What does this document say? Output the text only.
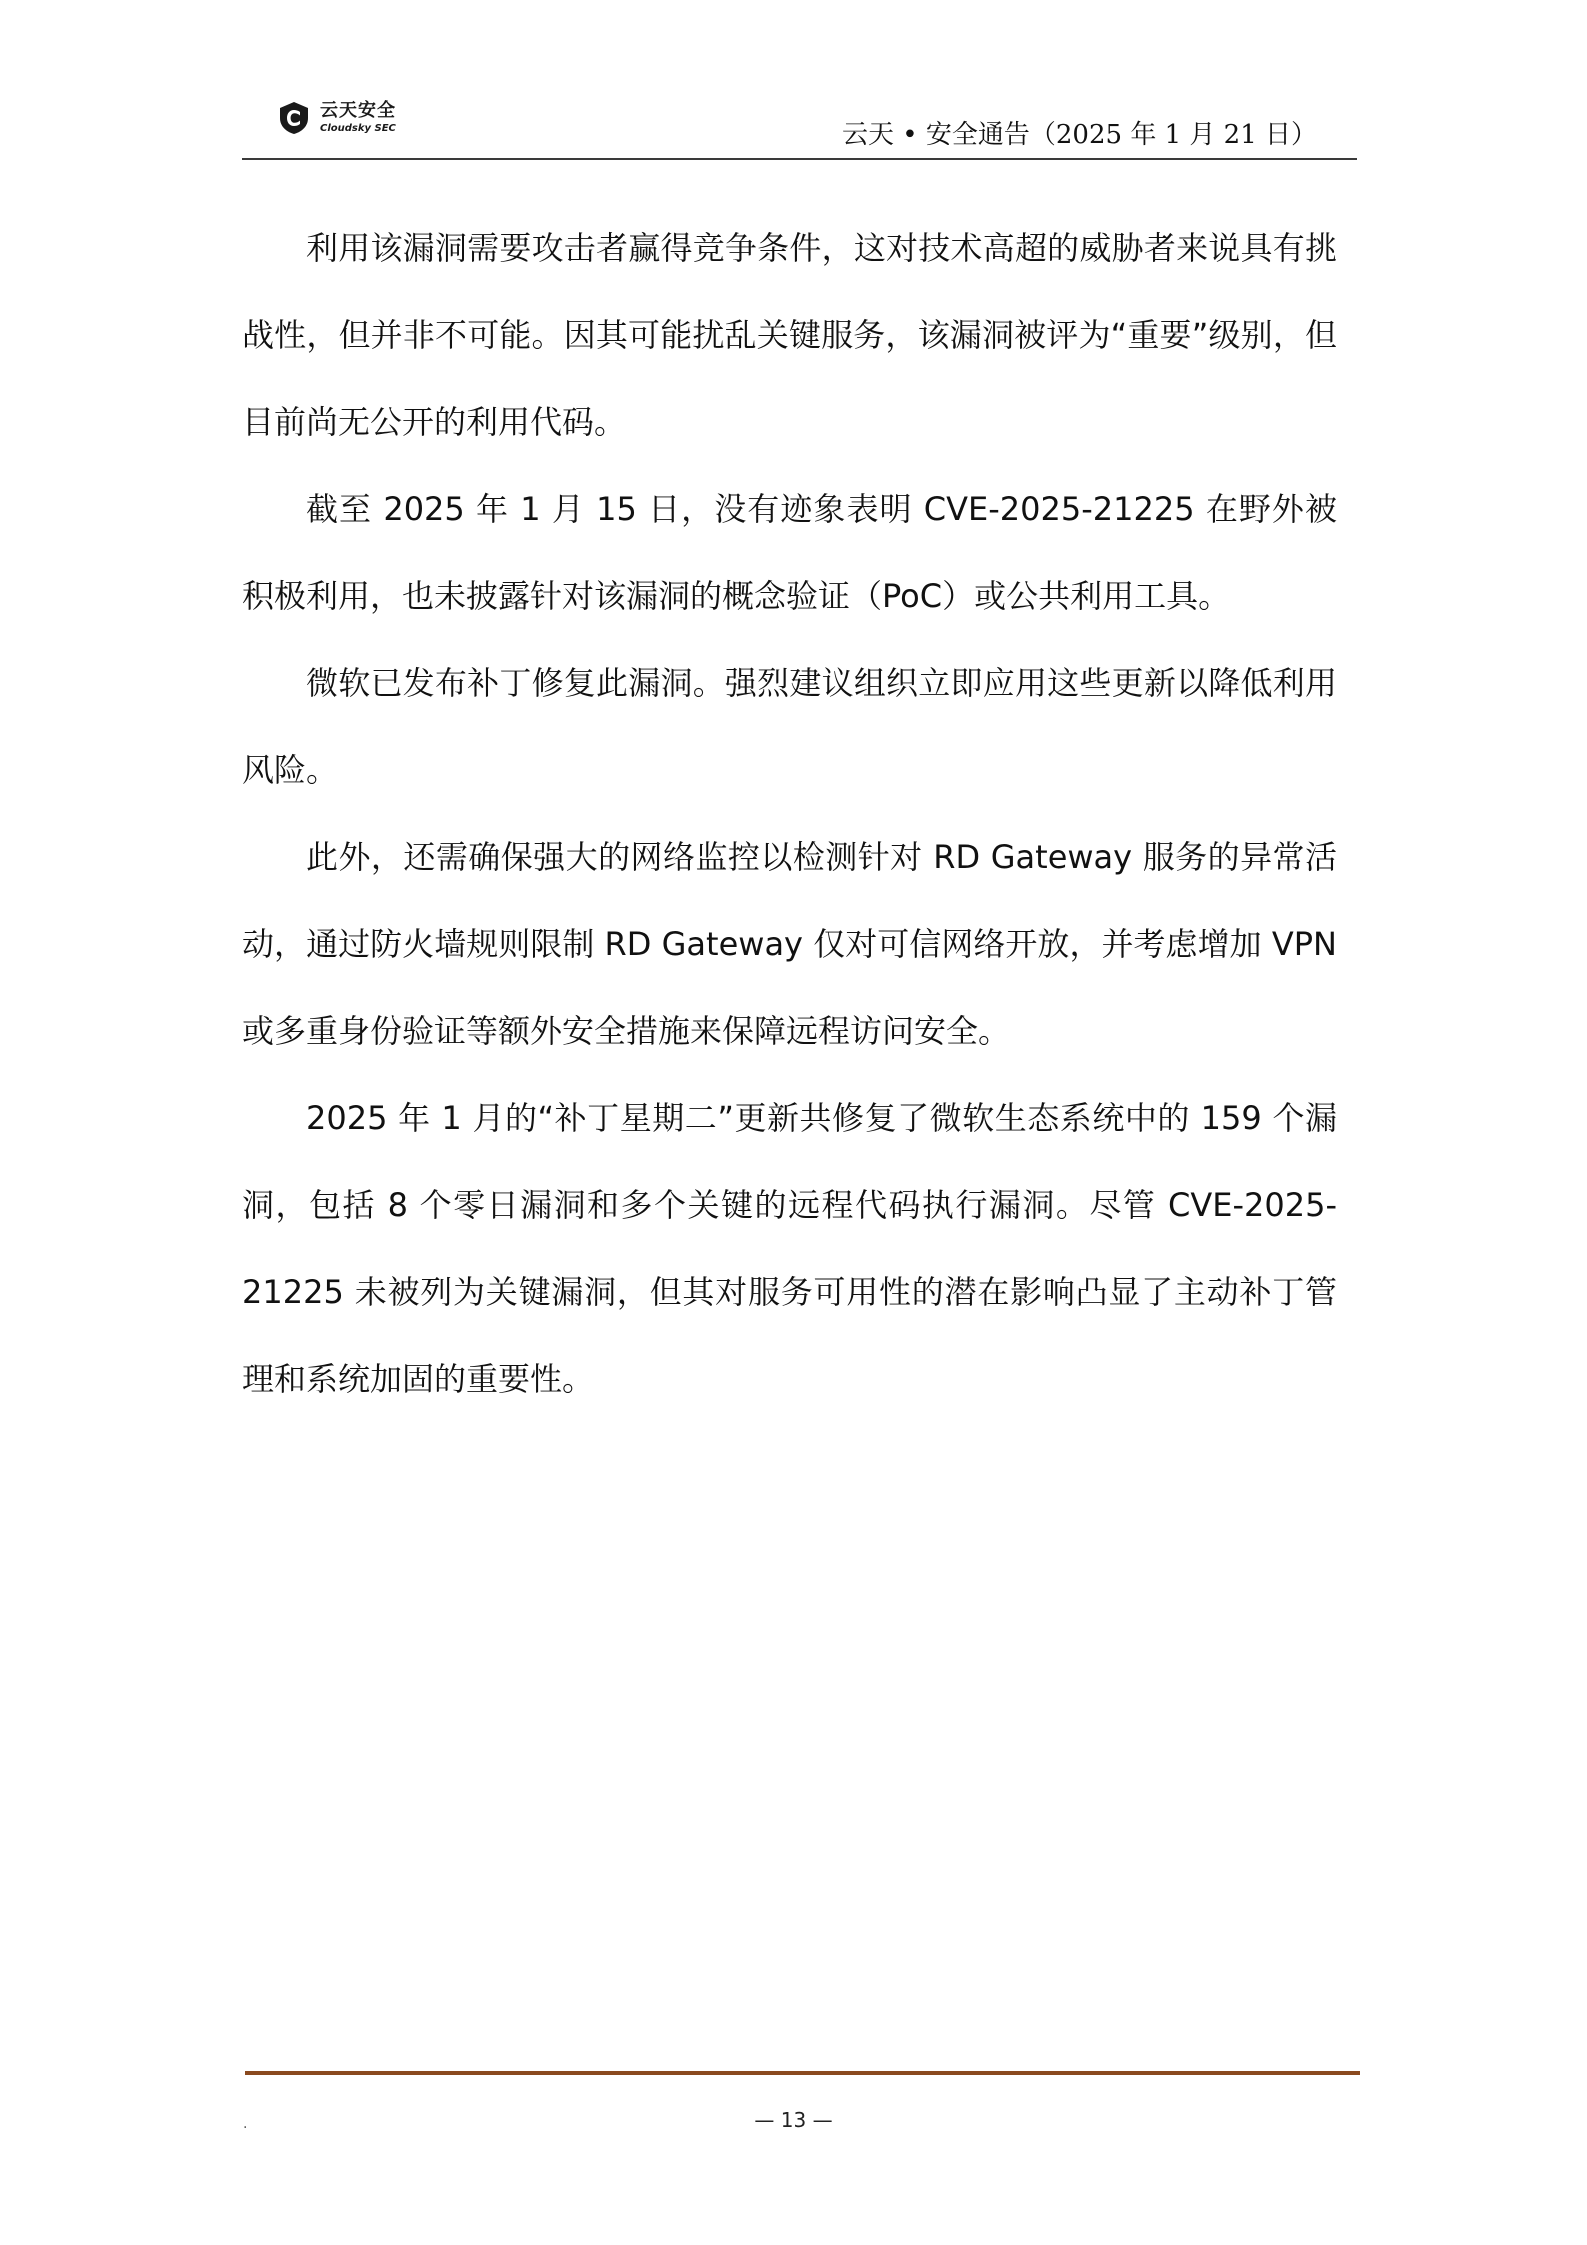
云天安全
Cloudsky SEC	云天 • 安全通告（2025 年 1 月 21 日）

利用该漏洞需要攻击者赢得竞争条件，这对技术高超的威胁者来说具有挑战性，但并非不可能。因其可能扰乱关键服务，该漏洞被评为“重要”级别，但目前尚无公开的利用代码。

截至 2025 年 1 月 15 日，没有迹象表明 CVE-2025-21225 在野外被积极利用，也未披露针对该漏洞的概念验证（PoC）或公共利用工具。

微软已发布补丁修复此漏洞。强烈建议组织立即应用这些更新以降低利用风险。

此外，还需确保强大的网络监控以检测针对 RD Gateway 服务的异常活动，通过防火墙规则限制 RD Gateway 仅对可信网络开放，并考虑增加 VPN 或多重身份验证等额外安全措施来保障远程访问安全。

2025 年 1 月的“补丁星期二”更新共修复了微软生态系统中的 159 个漏洞，包括 8 个零日漏洞和多个关键的远程代码执行漏洞。尽管 CVE-2025-21225 未被列为关键漏洞，但其对服务可用性的潜在影响凸显了主动补丁管理和系统加固的重要性。

.	— 13 —
